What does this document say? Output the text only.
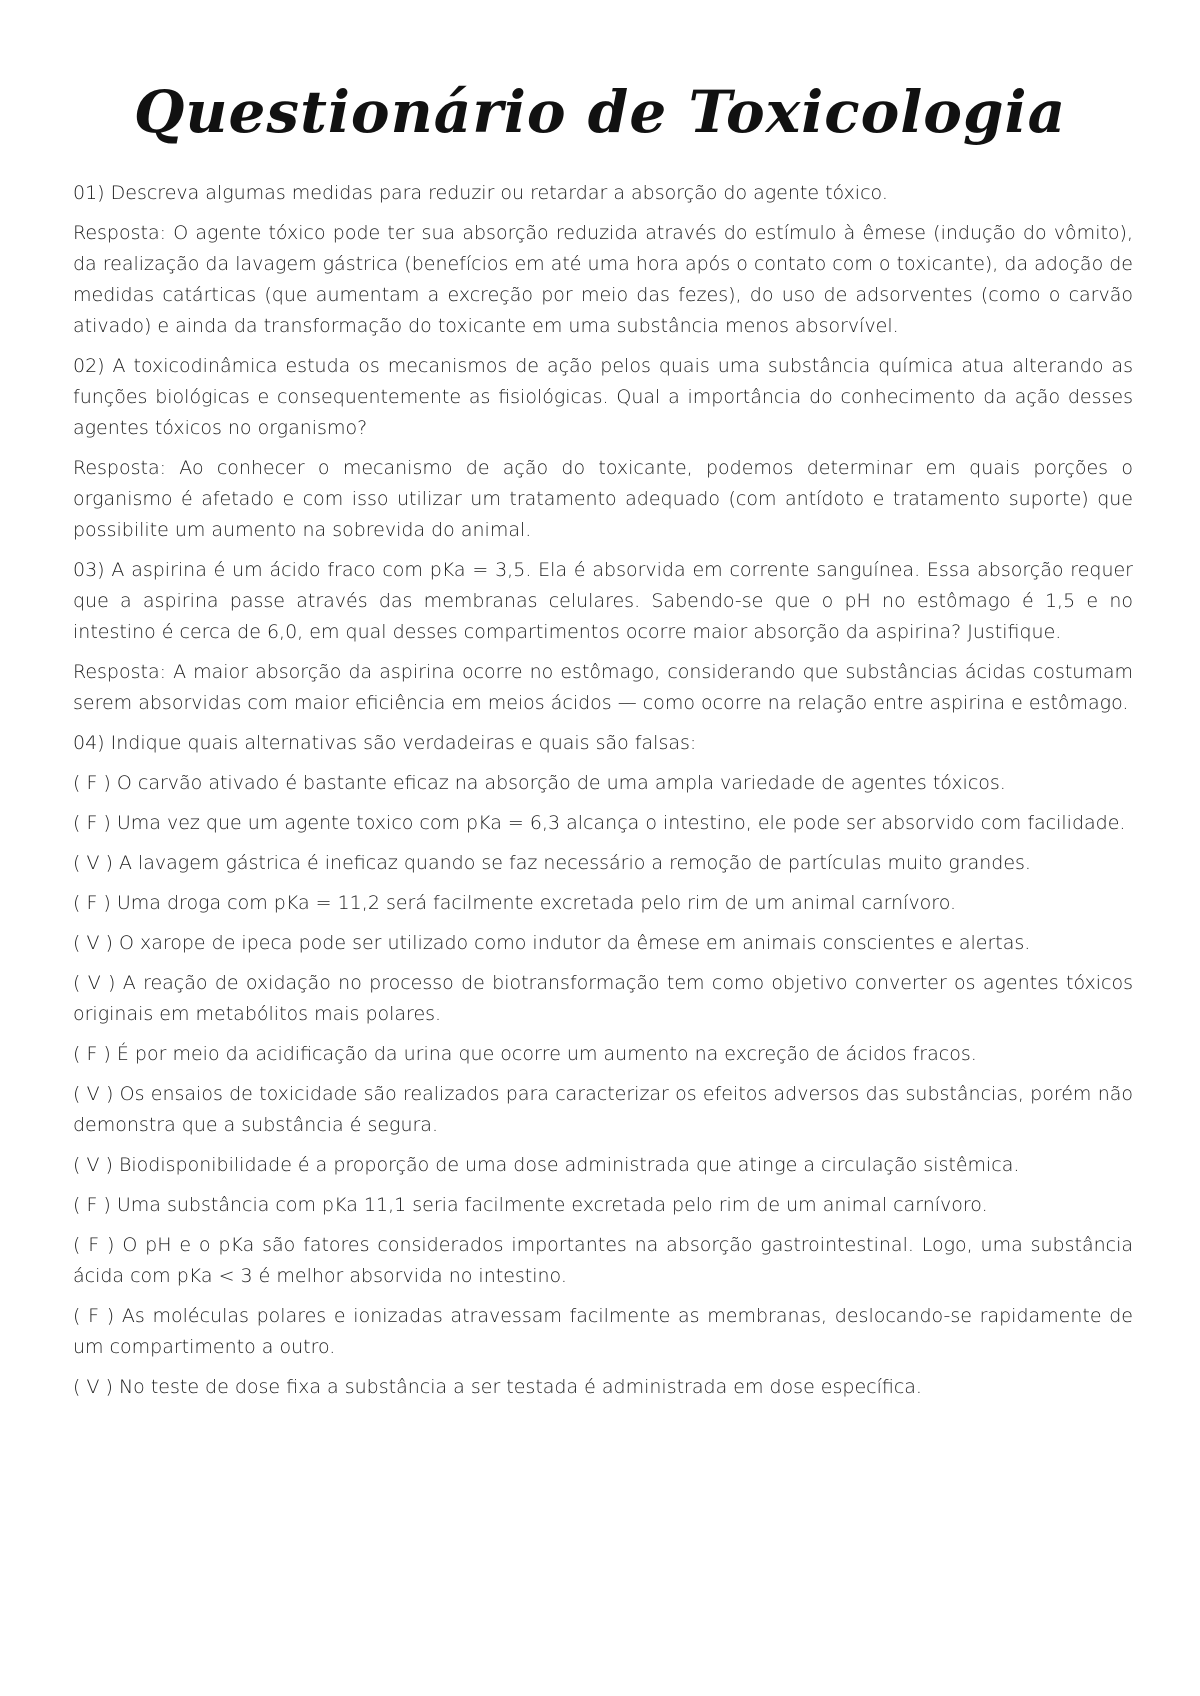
Questionário de Toxicologia

01) Descreva algumas medidas para reduzir ou retardar a absorção do agente tóxico.

Resposta: O agente tóxico pode ter sua absorção reduzida através do estímulo à êmese (indução do vômito), da realização da lavagem gástrica (benefícios em até uma hora após o contato com o toxicante), da adoção de medidas catárticas (que aumentam a excreção por meio das fezes), do uso de adsorventes (como o carvão ativado) e ainda da transformação do toxicante em uma substância menos absorvível.

02) A toxicodinâmica estuda os mecanismos de ação pelos quais uma substância química atua alterando as funções biológicas e consequentemente as fisiológicas. Qual a importância do conhecimento da ação desses agentes tóxicos no organismo?

Resposta: Ao conhecer o mecanismo de ação do toxicante, podemos determinar em quais porções o organismo é afetado e com isso utilizar um tratamento adequado (com antídoto e tratamento suporte) que possibilite um aumento na sobrevida do animal.

03) A aspirina é um ácido fraco com pKa = 3,5. Ela é absorvida em corrente sanguínea. Essa absorção requer que a aspirina passe através das membranas celulares. Sabendo-se que o pH no estômago é 1,5 e no intestino é cerca de 6,0, em qual desses compartimentos ocorre maior absorção da aspirina? Justifique.

Resposta: A maior absorção da aspirina ocorre no estômago, considerando que substâncias ácidas costumam serem absorvidas com maior eficiência em meios ácidos — como ocorre na relação entre aspirina e estômago.

04) Indique quais alternativas são verdadeiras e quais são falsas:

( F ) O carvão ativado é bastante eficaz na absorção de uma ampla variedade de agentes tóxicos.

( F ) Uma vez que um agente toxico com pKa = 6,3 alcança o intestino, ele pode ser absorvido com facilidade.

( V ) A lavagem gástrica é ineficaz quando se faz necessário a remoção de partículas muito grandes.

( F ) Uma droga com pKa = 11,2 será facilmente excretada pelo rim de um animal carnívoro.

( V ) O xarope de ipeca pode ser utilizado como indutor da êmese em animais conscientes e alertas.

( V ) A reação de oxidação no processo de biotransformação tem como objetivo converter os agentes tóxicos originais em metabólitos mais polares.

( F ) É por meio da acidificação da urina que ocorre um aumento na excreção de ácidos fracos.

( V ) Os ensaios de toxicidade são realizados para caracterizar os efeitos adversos das substâncias, porém não demonstra que a substância é segura.

( V ) Biodisponibilidade é a proporção de uma dose administrada que atinge a circulação sistêmica.

( F ) Uma substância com pKa 11,1 seria facilmente excretada pelo rim de um animal carnívoro.

( F ) O pH e o pKa são fatores considerados importantes na absorção gastrointestinal. Logo, uma substância ácida com pKa < 3 é melhor absorvida no intestino.

( F ) As moléculas polares e ionizadas atravessam facilmente as membranas, deslocando-se rapidamente de um compartimento a outro.

( V ) No teste de dose fixa a substância a ser testada é administrada em dose específica.
